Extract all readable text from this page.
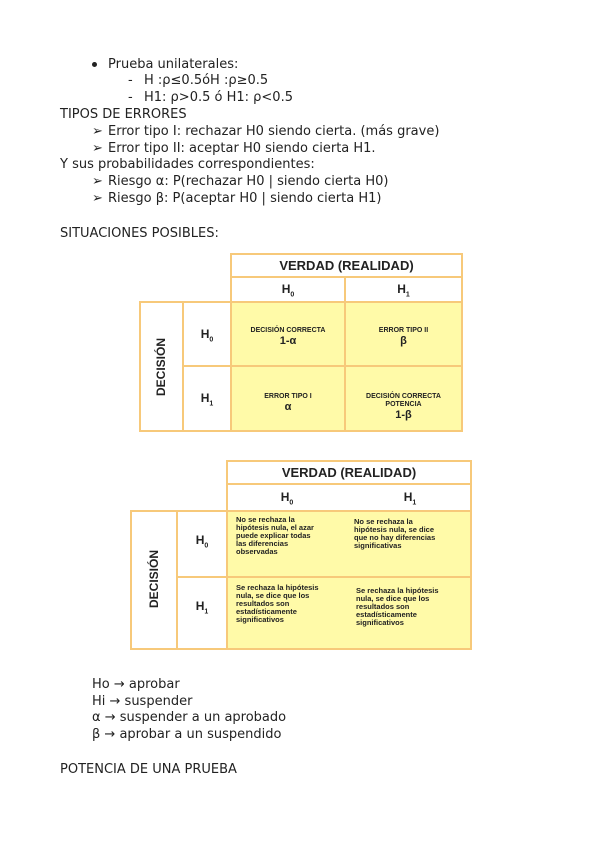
Prueba unilaterales:
- H :ρ≤0.5óH :ρ≥0.5
- H1: ρ>0.5 ó H1: ρ<0.5
TIPOS DE ERRORES
➢ Error tipo I: rechazar H0 siendo cierta. (más grave)
➢ Error tipo II: aceptar H0 siendo cierta H1.
Y sus probabilidades correspondientes:
➢ Riesgo α: P(rechazar H0 | siendo cierta H0)
➢ Riesgo β: P(aceptar H0 | siendo cierta H1)
SITUACIONES POSIBLES:
VERDAD (REALIDAD)
$H_0$	$H_1$
DECISIÓN
$H_0$
$H_1$
DECISIÓN CORRECTA
1-α
ERROR TIPO II
β
ERROR TIPO I
α
DECISIÓN CORRECTA
POTENCIA
1-β
VERDAD (REALIDAD)
$H_0$	$H_1$
DECISIÓN
$H_0$
$H_1$
No se rechaza la
hipótesis nula, el azar
puede explicar todas
las diferencias
observadas
No se rechaza la
hipótesis nula, se dice
que no hay diferencias
significativas
Se rechaza la hipótesis
nula, se dice que los
resultados son
estadísticamente
significativos
Se rechaza la hipótesis
nula, se dice que los
resultados son
estadísticamente
significativos
Ho → aprobar
Hi → suspender
α → suspender a un aprobado
β → aprobar a un suspendido
POTENCIA DE UNA PRUEBA
